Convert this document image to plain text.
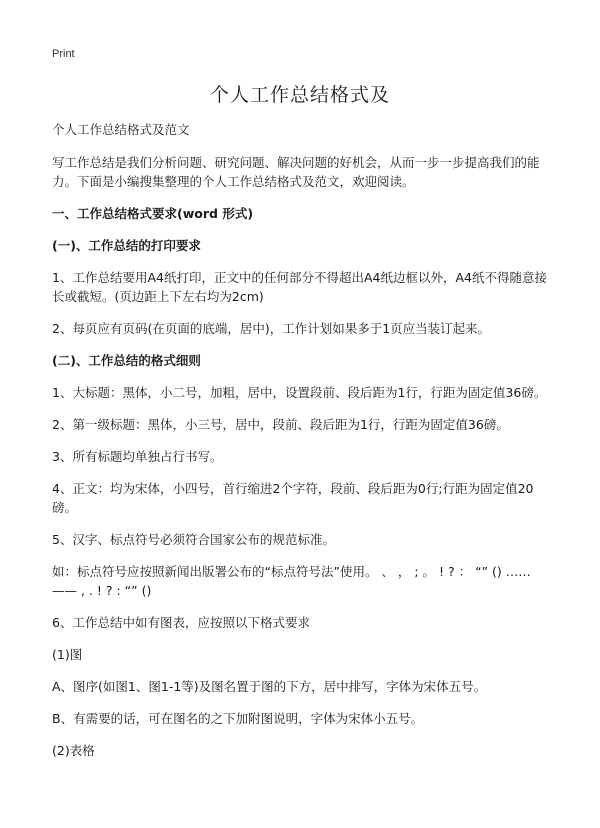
Print
个人工作总结格式及

个人工作总结格式及范文

写工作总结是我们分析问题、研究问题、解决问题的好机会，从而一步一步提高我们的能力。下面是小编搜集整理的个人工作总结格式及范文，欢迎阅读。

一、工作总结格式要求(word 形式)

(一)、工作总结的打印要求

1、工作总结要用A4纸打印，正文中的任何部分不得超出A4纸边框以外，A4纸不得随意接长或截短。(页边距上下左右均为2cm)

2、每页应有页码(在页面的底端，居中)，工作计划如果多于1页应当装订起来。

(二)、工作总结的格式细则

1、大标题：黑体，小二号，加粗，居中，设置段前、段后距为1行，行距为固定值36磅。

2、第一级标题：黑体，小三号，居中，段前、段后距为1行，行距为固定值36磅。

3、所有标题均单独占行书写。

4、正文：均为宋体，小四号，首行缩进2个字符，段前、段后距为0行;行距为固定值20磅。

5、汉字、标点符号必须符合国家公布的规范标准。

如：标点符号应按照新闻出版署公布的“标点符号法”使用。 、 ， ; 。 ! ? ： “” () …… —— , . ! ? : “” ()

6、工作总结中如有图表，应按照以下格式要求

(1)图

A、图序(如图1、图1-1等)及图名置于图的下方，居中排写，字体为宋体五号。

B、有需要的话，可在图名的之下加附图说明，字体为宋体小五号。

(2)表格
